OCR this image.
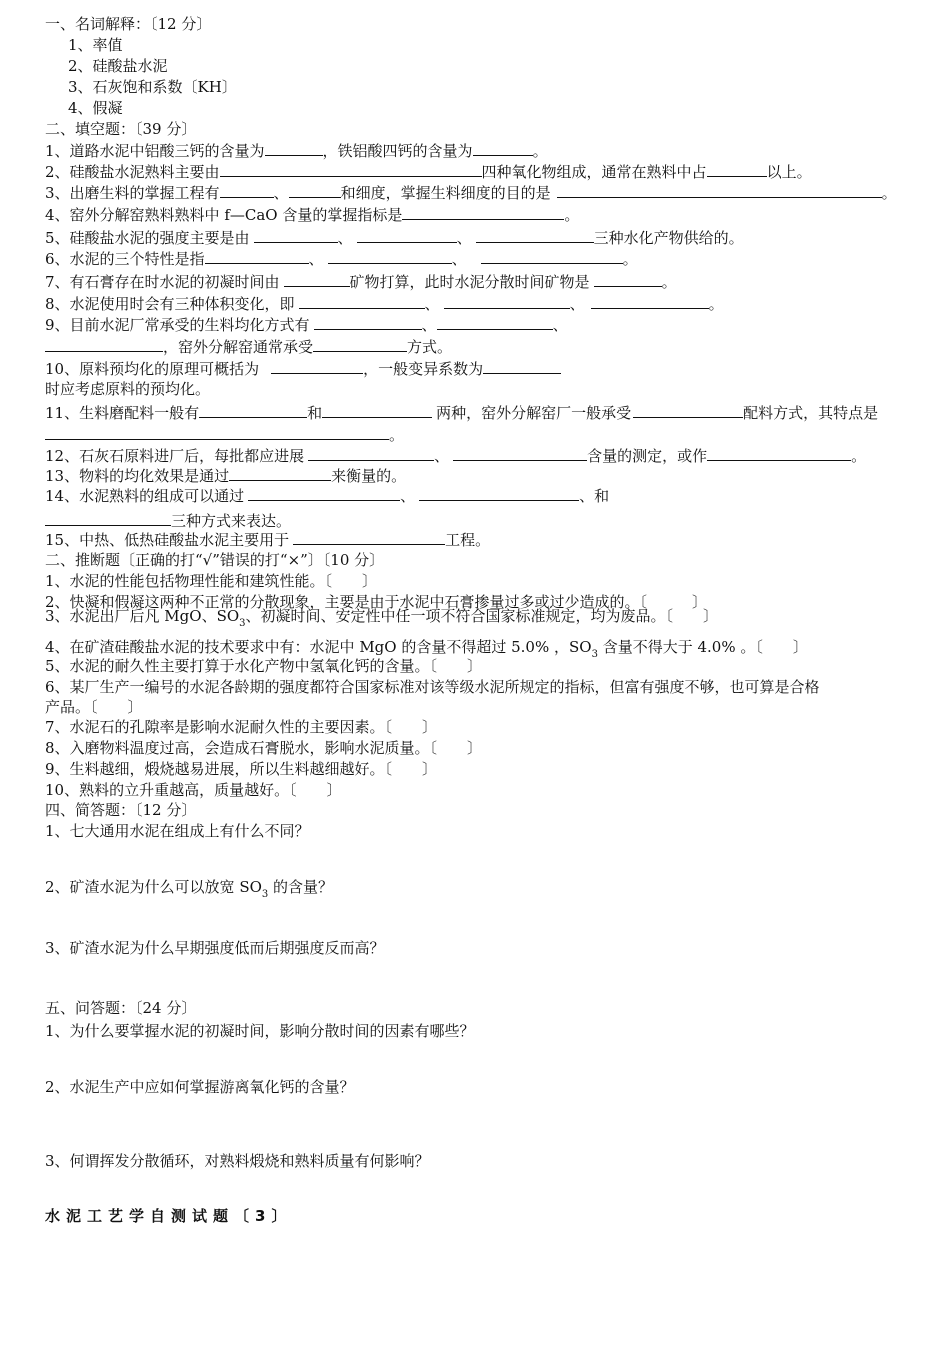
一、名词解释：〔12 分〕
1、率值
2、硅酸盐水泥
3、石灰饱和系数〔KH〕
4、假凝
二、填空题：〔39 分〕
1、道路水泥中铝酸三钙的含量为	，铁铝酸四钙的含量为	。
2、硅酸盐水泥熟料主要由	四种氧化物组成，通常在熟料中占	以上。
3、出磨生料的掌握工程有	、	和细度，掌握生料细度的目的是	。
4、窑外分解窑熟料熟料中 f—CaO 含量的掌握指标是	。
5、硅酸盐水泥的强度主要是由	、	、	三种水化产物供给的。
6、水泥的三个特性是指	、	、	。
7、有石膏存在时水泥的初凝时间由	矿物打算，此时水泥分散时间矿物是	。
8、水泥使用时会有三种体积变化，即	、	、	。
9、目前水泥厂常承受的生料均化方式有	、	、
，窑外分解窑通常承受	方式。
10、原料预均化的原理可概括为	，一般变异系数为
时应考虑原料的预均化。
11、生料磨配料一般有	和	两种，窑外分解窑厂一般承受	配料方式，其特点是
。
12、石灰石原料进厂后，每批都应进展	、	含量的测定，或作	。
13、物料的均化效果是通过	来衡量的。
14、水泥熟料的组成可以通过	、	、和
三种方式来表达。
15、中热、低热硅酸盐水泥主要用于	工程。
二、推断题〔正确的打“√”错误的打“×”〕〔10 分〕
1、水泥的性能包括物理性能和建筑性能。〔　　〕
2、快凝和假凝这两种不正常的分散现象，主要是由于水泥中石膏掺量过多或过少造成的。〔　　　〕
3、水泥出厂后凡 MgO、$SO_3$、初凝时间、安定性中任一项不符合国家标准规定，均为废品。〔　　〕
4、在矿渣硅酸盐水泥的技术要求中有：水泥中 MgO 的含量不得超过 5.0% ，$SO_3$ 含量不得大于 4.0% 。〔　　〕
5、水泥的耐久性主要打算于水化产物中氢氧化钙的含量。〔　　〕
6、某厂生产一编号的水泥各龄期的强度都符合国家标准对该等级水泥所规定的指标，但富有强度不够，也可算是合格
产品。〔　　〕
7、水泥石的孔隙率是影响水泥耐久性的主要因素。〔　　〕
8、入磨物料温度过高，会造成石膏脱水，影响水泥质量。〔　　〕
9、生料越细，煅烧越易进展，所以生料越细越好。〔　　〕
10、熟料的立升重越高，质量越好。〔　　〕
四、简答题：〔12 分〕
1、七大通用水泥在组成上有什么不同？
2、矿渣水泥为什么可以放宽 $SO_3$ 的含量？
3、矿渣水泥为什么早期强度低而后期强度反而高？
五、问答题：〔24 分〕
1、为什么要掌握水泥的初凝时间，影响分散时间的因素有哪些？
2、水泥生产中应如何掌握游离氧化钙的含量？
3、何谓挥发分散循环，对熟料煅烧和熟料质量有何影响？
水泥工艺学自测试题〔3〕
